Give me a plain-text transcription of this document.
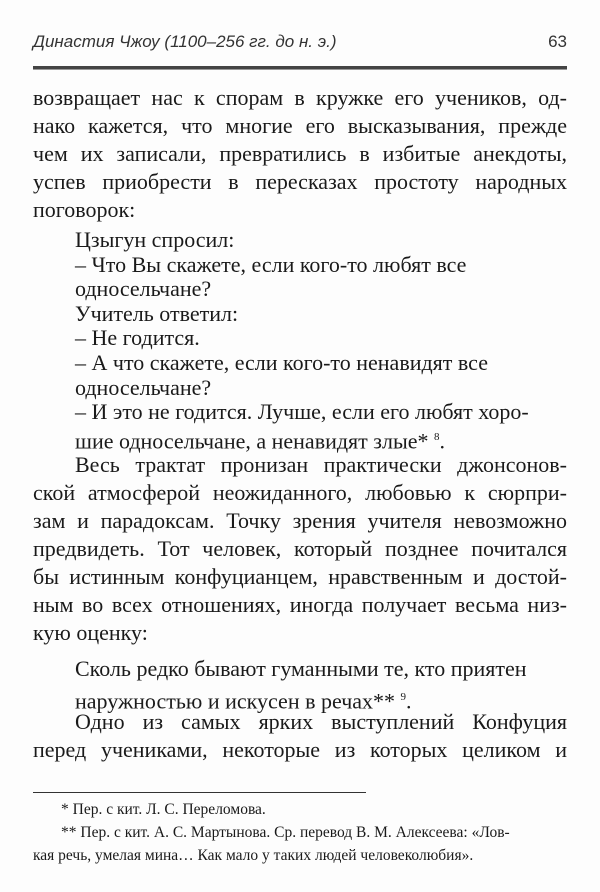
Династия Чжоу (1100–256 гг. до н. э.)	63
возвращает нас к спорам в кружке его учеников, од-
нако кажется, что многие его высказывания, прежде
чем их записали, превратились в избитые анекдоты,
успев приобрести в пересказах простоту народных
поговорок:
Цзыгун спросил:
– Что Вы скажете, если кого-то любят все
односельчане?
Учитель ответил:
– Не годится.
– А что скажете, если кого-то ненавидят все
односельчане?
– И это не годится. Лучше, если его любят хоро-
шие односельчане, а ненавидят злые* $^8$.
Весь трактат пронизан практически джонсонов-
ской атмосферой неожиданного, любовью к сюрпри-
зам и парадоксам. Точку зрения учителя невозможно
предвидеть. Тот человек, который позднее почитался
бы истинным конфуцианцем, нравственным и достой-
ным во всех отношениях, иногда получает весьма низ-
кую оценку:
Сколь редко бывают гуманными те, кто приятен
наружностью и искусен в речах** $^9$.
Одно из самых ярких выступлений Конфуция
перед учениками, некоторые из которых целиком и
* Пер. с кит. Л. С. Переломова.
** Пер. с кит. А. С. Мартынова. Ср. перевод В. М. Алексеева: «Лов-
кая речь, умелая мина… Как мало у таких людей человеколюбия».
